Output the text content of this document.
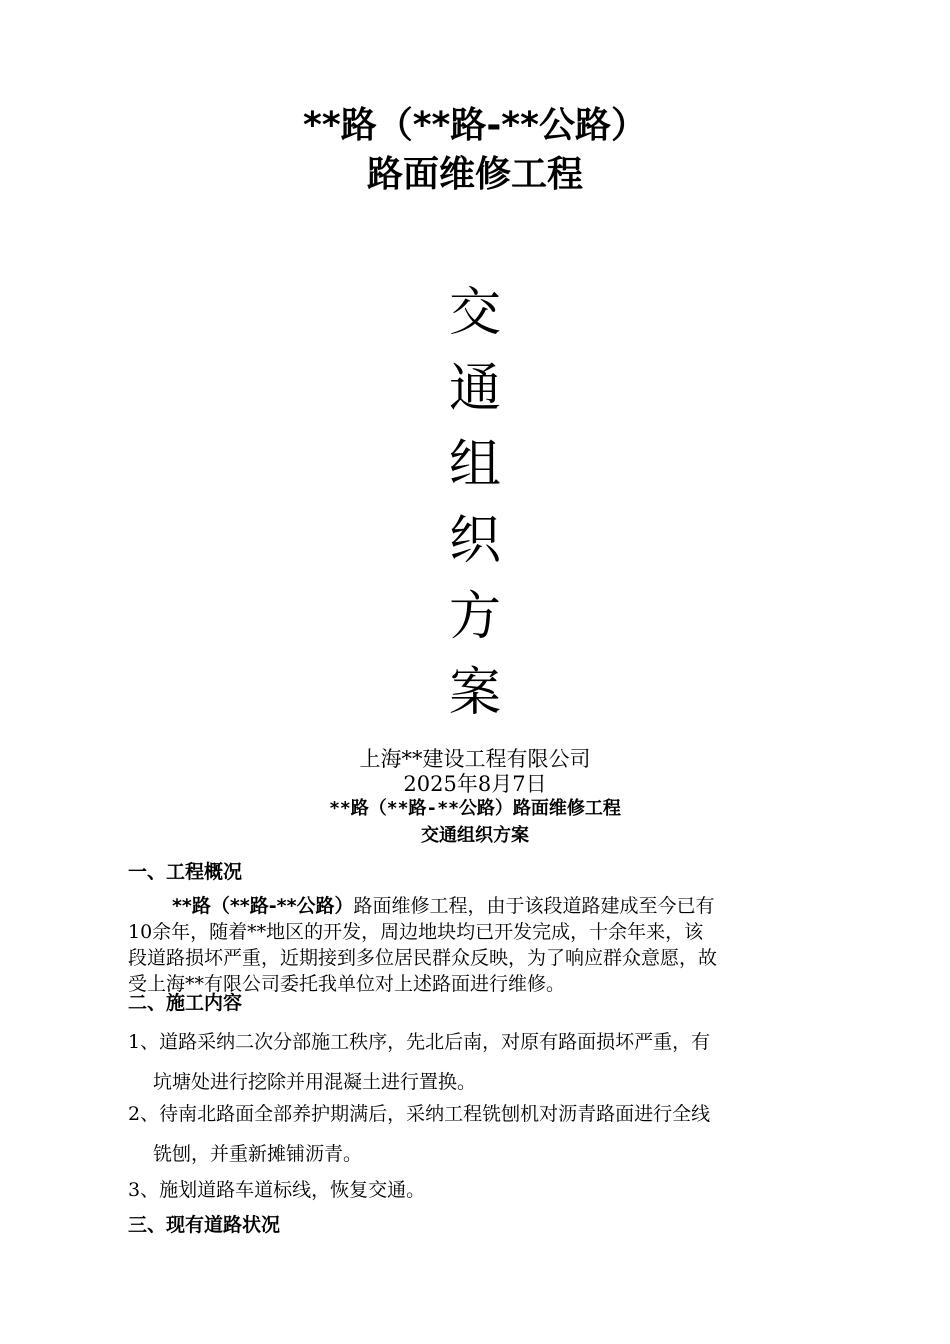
**路（**路-**公路）
路面维修工程
交
通
组
织
方
案
上海**建设工程有限公司
2025年8月7日
**路（**路-**公路）路面维修工程
交通组织方案
一、工程概况
**路（**路-**公路）路面维修工程，由于该段道路建成至今已有
10余年，随着**地区的开发，周边地块均已开发完成，十余年来，该
段道路损坏严重，近期接到多位居民群众反映，为了响应群众意愿，故
受上海**有限公司委托我单位对上述路面进行维修。
二、施工内容
1、道路采纳二次分部施工秩序，先北后南，对原有路面损坏严重，有
坑塘处进行挖除并用混凝土进行置换。
2、待南北路面全部养护期满后，采纳工程铣刨机对沥青路面进行全线
铣刨，并重新摊铺沥青。
3、施划道路车道标线，恢复交通。
三、现有道路状况
